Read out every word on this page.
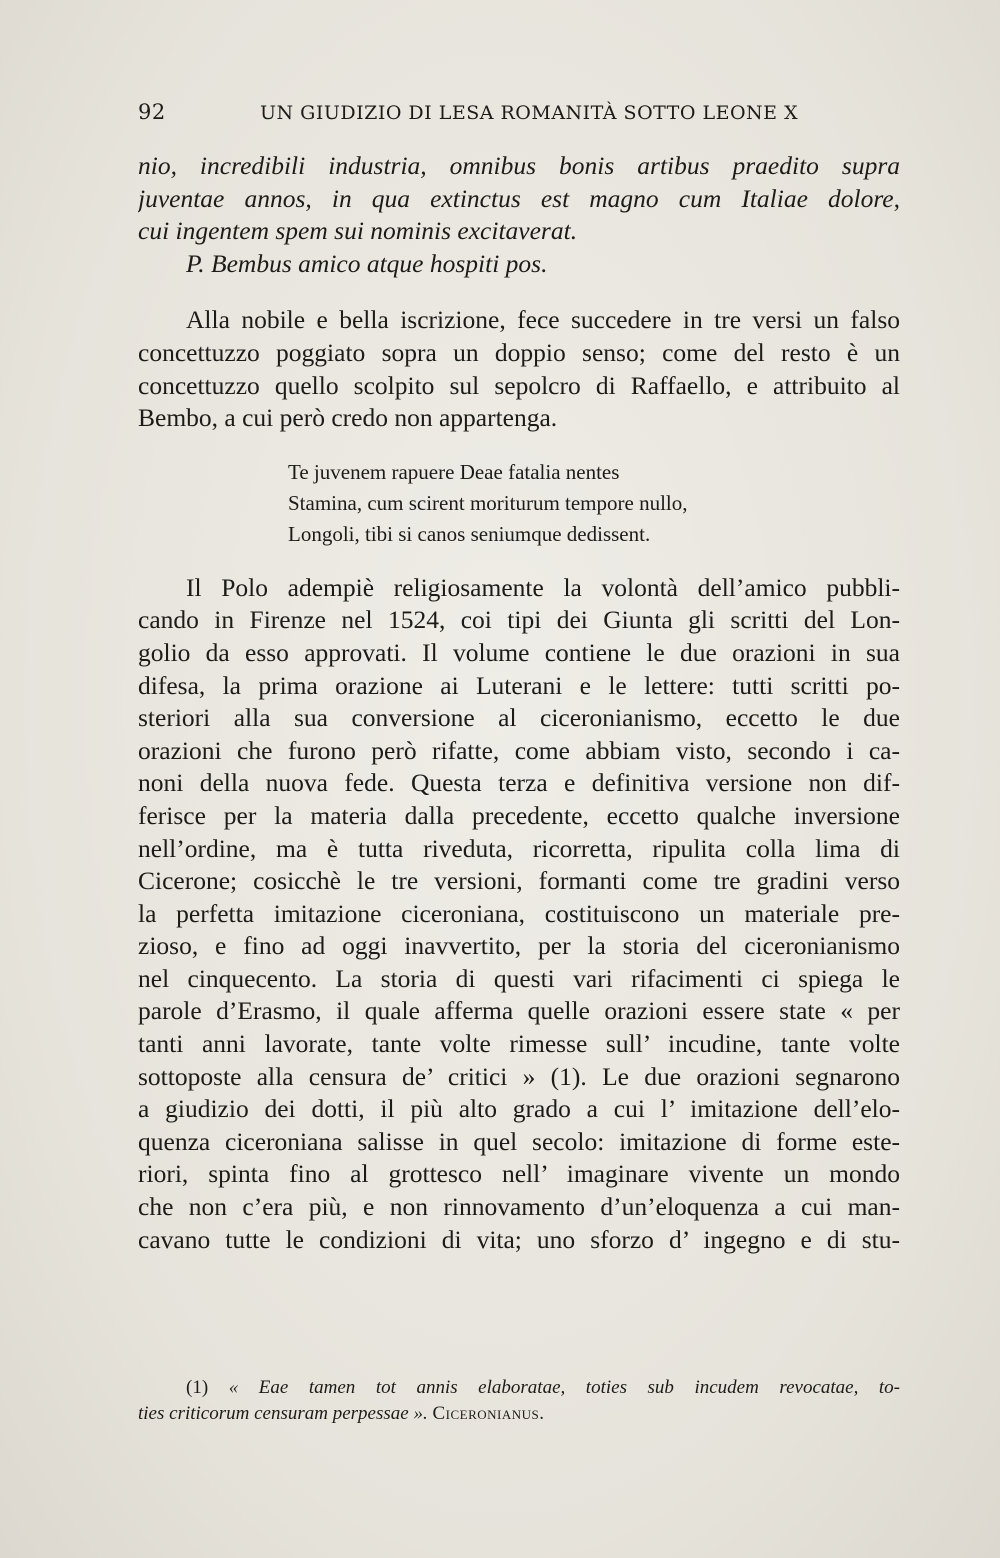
92	UN GIUDIZIO DI LESA ROMANITÀ SOTTO LEONE X
nio, incredibili industria, omnibus bonis artibus praedito supra
juventae annos, in qua extinctus est magno cum Italiae dolore,
cui ingentem spem sui nominis excitaverat.
P. Bembus amico atque hospiti pos.
Alla nobile e bella iscrizione, fece succedere in tre versi un falso
concettuzzo poggiato sopra un doppio senso; come del resto è un
concettuzzo quello scolpito sul sepolcro di Raffaello, e attribuito al
Bembo, a cui però credo non appartenga.
Te juvenem rapuere Deae fatalia nentes
Stamina, cum scirent moriturum tempore nullo,
Longoli, tibi si canos seniumque dedissent.
Il Polo adempiè religiosamente la volontà dell’amico pubbli-
cando in Firenze nel 1524, coi tipi dei Giunta gli scritti del Lon-
golio da esso approvati. Il volume contiene le due orazioni in sua
difesa, la prima orazione ai Luterani e le lettere: tutti scritti po-
steriori alla sua conversione al ciceronianismo, eccetto le due
orazioni che furono però rifatte, come abbiam visto, secondo i ca-
noni della nuova fede. Questa terza e definitiva versione non dif-
ferisce per la materia dalla precedente, eccetto qualche inversione
nell’ordine, ma è tutta riveduta, ricorretta, ripulita colla lima di
Cicerone; cosicchè le tre versioni, formanti come tre gradini verso
la perfetta imitazione ciceroniana, costituiscono un materiale pre-
zioso, e fino ad oggi inavvertito, per la storia del ciceronianismo
nel cinquecento. La storia di questi vari rifacimenti ci spiega le
parole d’Erasmo, il quale afferma quelle orazioni essere state « per
tanti anni lavorate, tante volte rimesse sull’ incudine, tante volte
sottoposte alla censura de’ critici » (1). Le due orazioni segnarono
a giudizio dei dotti, il più alto grado a cui l’ imitazione dell’elo-
quenza ciceroniana salisse in quel secolo: imitazione di forme este-
riori, spinta fino al grottesco nell’ imaginare vivente un mondo
che non c’era più, e non rinnovamento d’un’eloquenza a cui man-
cavano tutte le condizioni di vita; uno sforzo d’ ingegno e di stu-
(1) « Eae tamen tot annis elaboratae, toties sub incudem revocatae, to-
ties criticorum censuram perpessae ». Ciceronianus.
